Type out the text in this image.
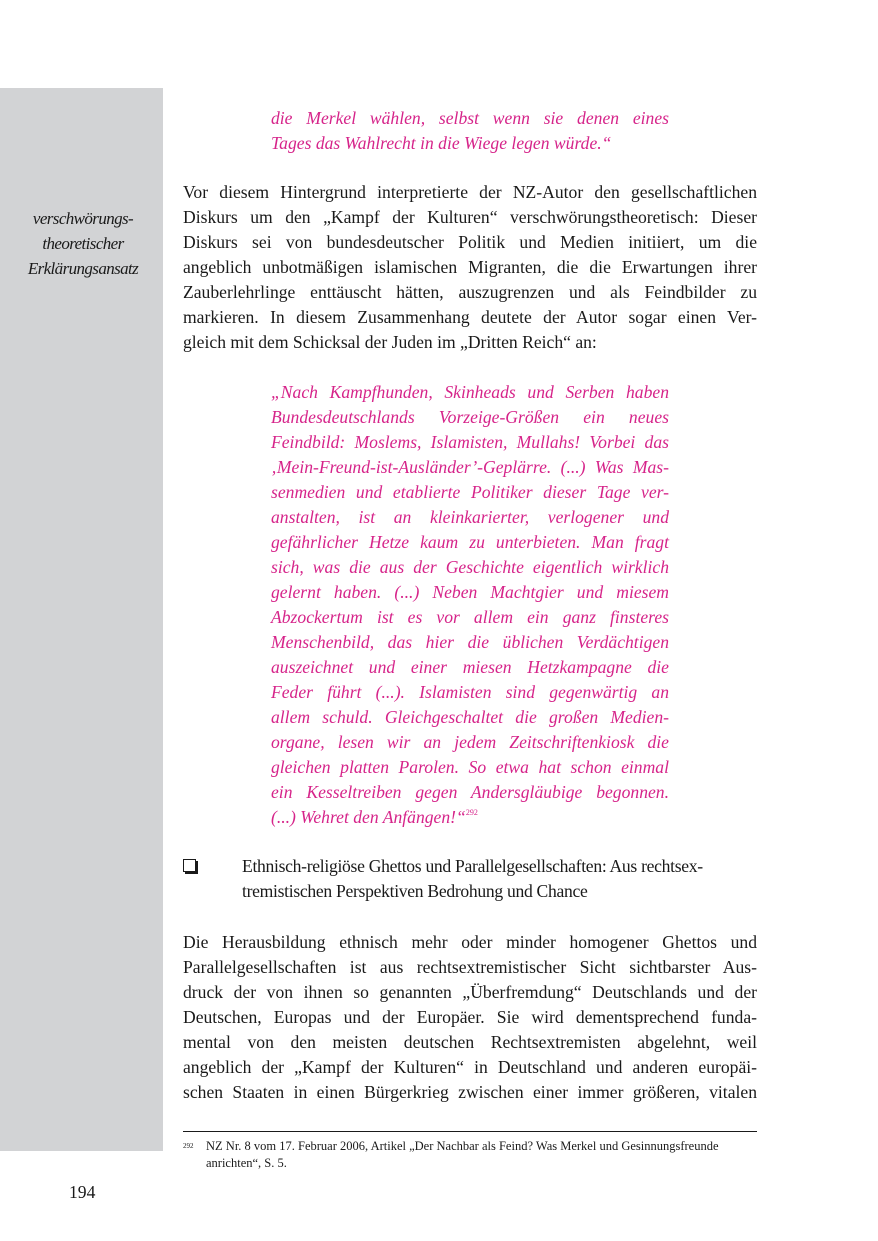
verschwörungs-
theoretischer
Erklärungsansatz
die Merkel wählen, selbst wenn sie denen eines
Tages das Wahlrecht in die Wiege legen würde.“
Vor diesem Hintergrund interpretierte der NZ-Autor den gesellschaftlichen
Diskurs um den „Kampf der Kulturen“ verschwörungstheoretisch: Dieser
Diskurs sei von bundesdeutscher Politik und Medien initiiert, um die
angeblich unbotmäßigen islamischen Migranten, die die Erwartungen ihrer
Zauberlehrlinge enttäuscht hätten, auszugrenzen und als Feindbilder zu
markieren. In diesem Zusammenhang deutete der Autor sogar einen Ver-
gleich mit dem Schicksal der Juden im „Dritten Reich“ an:
„Nach Kampfhunden, Skinheads und Serben haben
Bundesdeutschlands Vorzeige-Größen ein neues
Feindbild: Moslems, Islamisten, Mullahs! Vorbei das
‚Mein-Freund-ist-Ausländer’-Geplärre. (...) Was Mas-
senmedien und etablierte Politiker dieser Tage ver-
anstalten, ist an kleinkarierter, verlogener und
gefährlicher Hetze kaum zu unterbieten. Man fragt
sich, was die aus der Geschichte eigentlich wirklich
gelernt haben. (...) Neben Machtgier und miesem
Abzockertum ist es vor allem ein ganz finsteres
Menschenbild, das hier die üblichen Verdächtigen
auszeichnet und einer miesen Hetzkampagne die
Feder führt (...). Islamisten sind gegenwärtig an
allem schuld. Gleichgeschaltet die großen Medien-
organe, lesen wir an jedem Zeitschriftenkiosk die
gleichen platten Parolen. So etwa hat schon einmal
ein Kesseltreiben gegen Andersgläubige begonnen.
(...) Wehret den Anfängen!“$^{292}$
Ethnisch-religiöse Ghettos und Parallelgesellschaften: Aus rechtsex-
tremistischen Perspektiven Bedrohung und Chance
Die Herausbildung ethnisch mehr oder minder homogener Ghettos und
Parallelgesellschaften ist aus rechtsextremistischer Sicht sichtbarster Aus-
druck der von ihnen so genannten „Überfremdung“ Deutschlands und der
Deutschen, Europas und der Europäer. Sie wird dementsprechend funda-
mental von den meisten deutschen Rechtsextremisten abgelehnt, weil
angeblich der „Kampf der Kulturen“ in Deutschland und anderen europäi-
schen Staaten in einen Bürgerkrieg zwischen einer immer größeren, vitalen
292 NZ Nr. 8 vom 17. Februar 2006, Artikel „Der Nachbar als Feind? Was Merkel und Gesinnungsfreunde anrichten“, S. 5.
194
